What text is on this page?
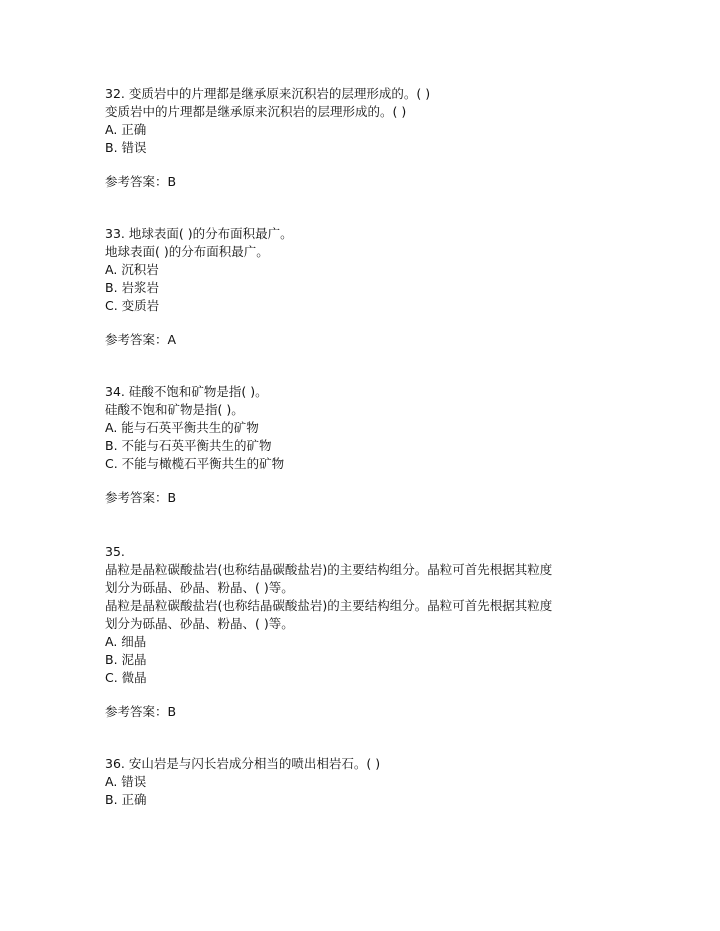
32. 变质岩中的片理都是继承原来沉积岩的层理形成的。( )
变质岩中的片理都是继承原来沉积岩的层理形成的。( )
A. 正确
B. 错误
参考答案：B
33. 地球表面( )的分布面积最广。
地球表面( )的分布面积最广。
A. 沉积岩
B. 岩浆岩
C. 变质岩
参考答案：A
34. 硅酸不饱和矿物是指( )。
硅酸不饱和矿物是指( )。
A. 能与石英平衡共生的矿物
B. 不能与石英平衡共生的矿物
C. 不能与橄榄石平衡共生的矿物
参考答案：B
35.
晶粒是晶粒碳酸盐岩(也称结晶碳酸盐岩)的主要结构组分。晶粒可首先根据其粒度
划分为砾晶、砂晶、粉晶、( )等。
晶粒是晶粒碳酸盐岩(也称结晶碳酸盐岩)的主要结构组分。晶粒可首先根据其粒度
划分为砾晶、砂晶、粉晶、( )等。
A. 细晶
B. 泥晶
C. 微晶
参考答案：B
36. 安山岩是与闪长岩成分相当的喷出相岩石。( )
A. 错误
B. 正确
